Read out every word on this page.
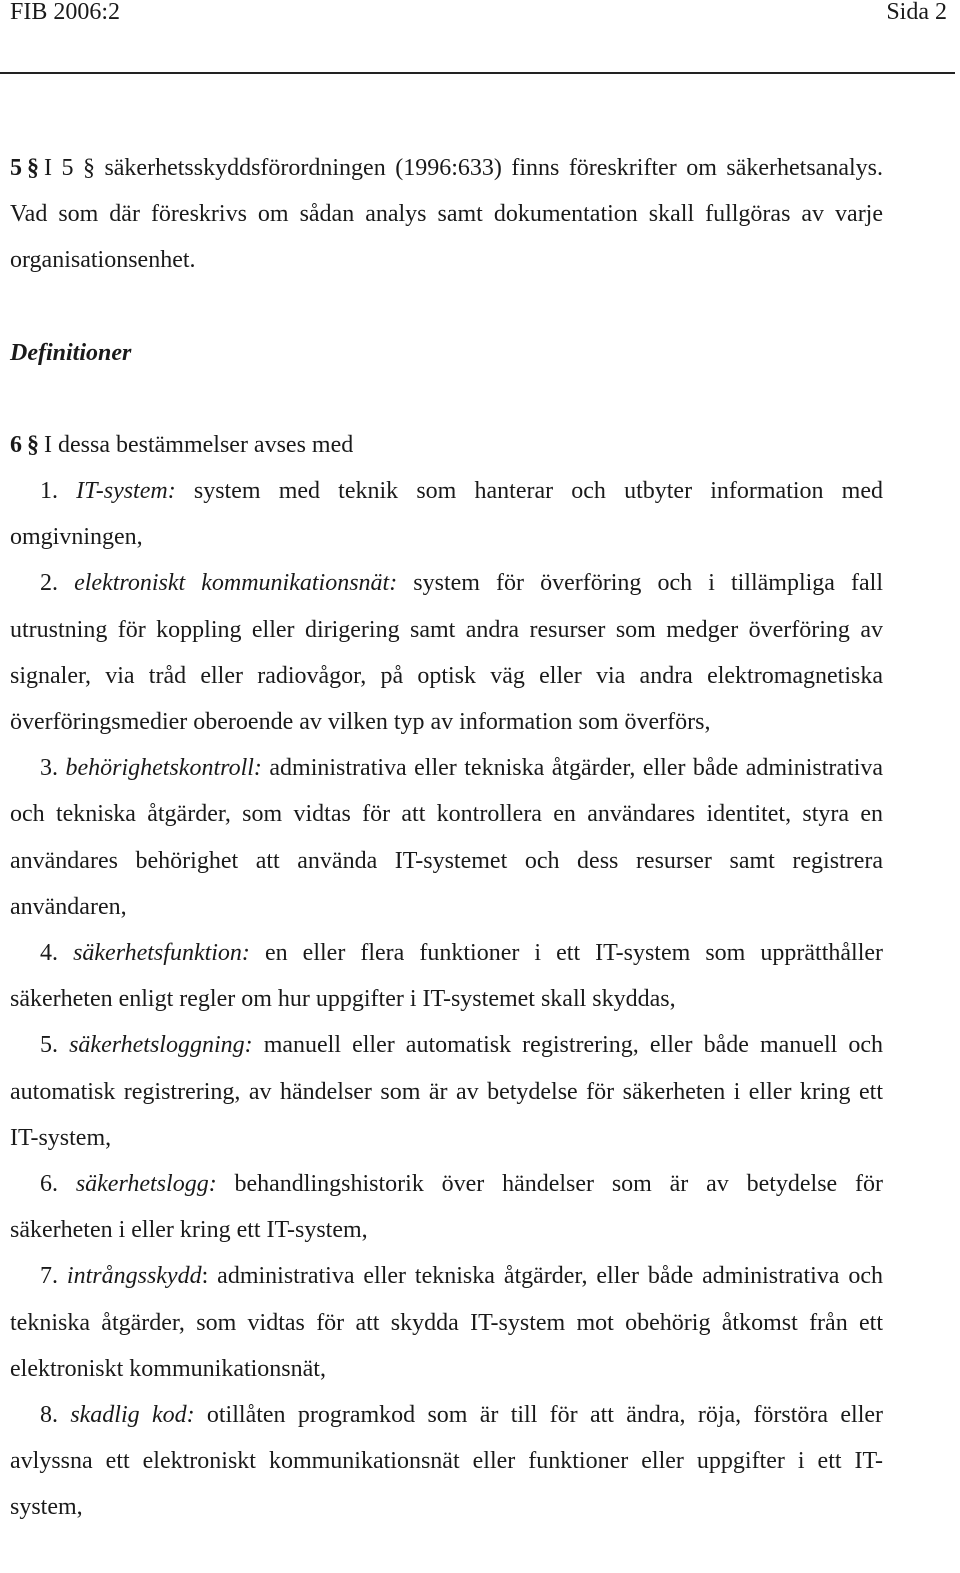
FIB 2006:2	Sida 2

5 § I 5 § säkerhetsskyddsförordningen (1996:633) finns föreskrifter om säkerhetsanalys. Vad som där föreskrivs om sådan analys samt dokumentation skall fullgöras av varje organisationsenhet.

Definitioner

6 § I dessa bestämmelser avses med

1. IT-system: system med teknik som hanterar och utbyter information med omgivningen,

2. elektroniskt kommunikationsnät: system för överföring och i tillämpliga fall utrustning för koppling eller dirigering samt andra resurser som medger överföring av signaler, via tråd eller radiovågor, på optisk väg eller via andra elektromagnetiska överföringsmedier oberoende av vilken typ av information som överförs,

3. behörighetskontroll: administrativa eller tekniska åtgärder, eller både administrativa och tekniska åtgärder, som vidtas för att kontrollera en användares identitet, styra en användares behörighet att använda IT-systemet och dess resurser samt registrera användaren,

4. säkerhetsfunktion: en eller flera funktioner i ett IT-system som upprätthåller säkerheten enligt regler om hur uppgifter i IT-systemet skall skyddas,

5. säkerhetsloggning: manuell eller automatisk registrering, eller både manuell och automatisk registrering, av händelser som är av betydelse för säkerheten i eller kring ett IT-system,

6. säkerhetslogg: behandlingshistorik över händelser som är av betydelse för säkerheten i eller kring ett IT-system,

7. intrångsskydd: administrativa eller tekniska åtgärder, eller både administrativa och tekniska åtgärder, som vidtas för att skydda IT-system mot obehörig åtkomst från ett elektroniskt kommunikationsnät,

8. skadlig kod: otillåten programkod som är till för att ändra, röja, förstöra eller avlyssna ett elektroniskt kommunikationsnät eller funktioner eller uppgifter i ett IT-system,
